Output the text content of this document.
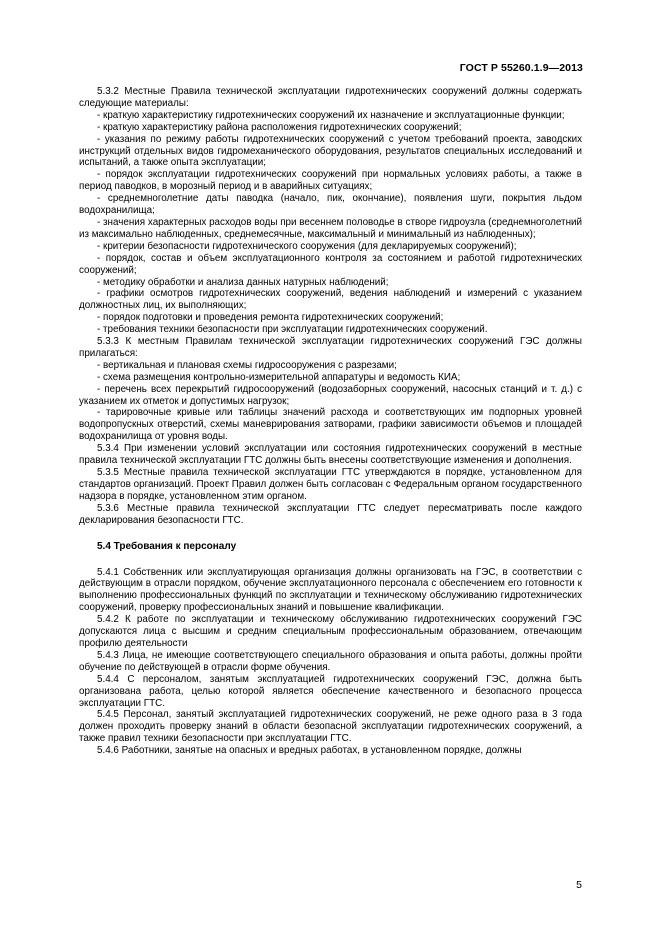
ГОСТ Р 55260.1.9—2013

5.3.2 Местные Правила технической эксплуатации гидротехнических сооружений должны содержать следующие материалы:

- краткую характеристику гидротехнических сооружений их назначение и эксплуатационные функции;

- краткую характеристику района расположения гидротехнических сооружений;

- указания по режиму работы гидротехнических сооружений с учетом требований проекта, заводских инструкций отдельных видов гидромеханического оборудования, результатов специальных исследований и испытаний, а также опыта эксплуатации;

- порядок эксплуатации гидротехнических сооружений при нормальных условиях работы, а также в период паводков, в морозный период и в аварийных ситуациях;

- среднемноголетние даты паводка (начало, пик, окончание), появления шуги, покрытия льдом водохранилища;

- значения характерных расходов воды при весеннем половодье в створе гидроузла (среднемноголетний из максимально наблюденных, среднемесячные, максимальный и минимальный из наблюденных);

- критерии безопасности гидротехнического сооружения (для декларируемых сооружений);

- порядок, состав и объем эксплуатационного контроля за состоянием и работой гидротехнических сооружений;

- методику обработки и анализа данных натурных наблюдений;

- графики осмотров гидротехнических сооружений, ведения наблюдений и измерений с указанием должностных лиц, их выполняющих;

- порядок подготовки и проведения ремонта гидротехнических сооружений;

- требования техники безопасности при эксплуатации гидротехнических сооружений.

5.3.3 К местным Правилам технической эксплуатации гидротехнических сооружений ГЭС должны прилагаться:

- вертикальная и плановая схемы гидросооружения с разрезами;

- схема размещения контрольно-измерительной аппаратуры и ведомость КИА;

- перечень всех перекрытий гидросооружений (водозаборных сооружений, насосных станций и т. д.) с указанием их отметок и допустимых нагрузок;

- тарировочные кривые или таблицы значений расхода и соответствующих им подпорных уровней водопропускных отверстий, схемы маневрирования затворами, графики зависимости объемов и площадей водохранилища от уровня воды.

5.3.4 При изменении условий эксплуатации или состояния гидротехнических сооружений в местные правила технической эксплуатации ГТС должны быть внесены соответствующие изменения и дополнения.

5.3.5 Местные правила технической эксплуатации ГТС утверждаются в порядке, установленном для стандартов организаций. Проект Правил должен быть согласован с Федеральным органом государственного надзора в порядке, установленном этим органом.

5.3.6 Местные правила технической эксплуатации ГТС следует пересматривать после каждого декларирования безопасности ГТС.

5.4 Требования к персоналу

5.4.1 Собственник или эксплуатирующая организация должны организовать на ГЭС, в соответствии с действующим в отрасли порядком, обучение эксплуатационного персонала с обеспечением его готовности к выполнению профессиональных функций по эксплуатации и техническому обслуживанию гидротехнических сооружений, проверку профессиональных знаний и повышение квалификации.

5.4.2 К работе по эксплуатации и техническому обслуживанию гидротехнических сооружений ГЭС допускаются лица с высшим и средним специальным профессиональным образованием, отвечающим профилю деятельности

5.4.3 Лица, не имеющие соответствующего специального образования и опыта работы, должны пройти обучение по действующей в отрасли форме обучения.

5.4.4 С персоналом, занятым эксплуатацией гидротехнических сооружений ГЭС, должна быть организована работа, целью которой является обеспечение качественного и безопасного процесса эксплуатации ГТС.

5.4.5 Персонал, занятый эксплуатацией гидротехнических сооружений, не реже одного раза в 3 года должен проходить проверку знаний в области безопасной эксплуатации гидротехнических сооружений, а также правил техники безопасности при эксплуатации ГТС.

5.4.6 Работники, занятые на опасных и вредных работах, в установленном порядке, должны

5
